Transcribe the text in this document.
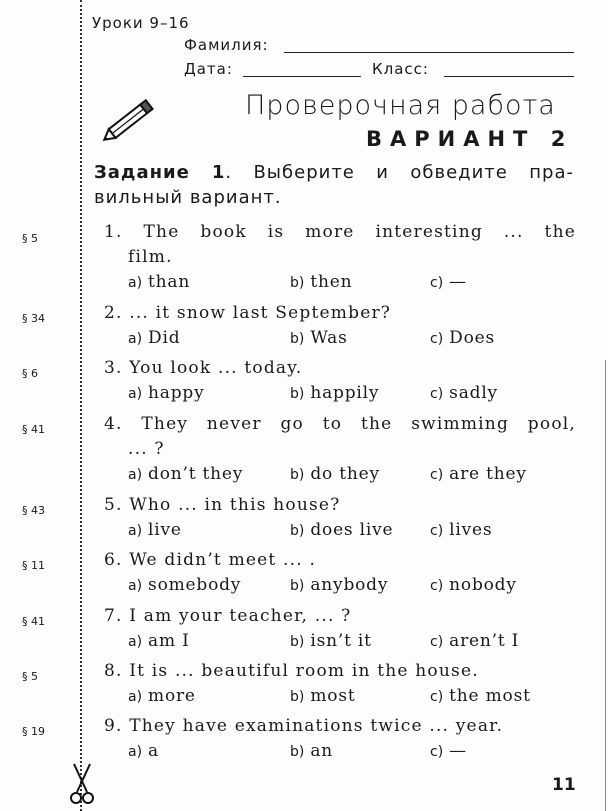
Уроки 9–16
Фамилия:
Дата:	Класс:
Проверочная работа
ВАРИАНТ 2
Задание 1. Выберите и обведите пра-
вильный вариант.
§ 5	1. The book is more interesting ... the
film.
a) than	b) then	c) —
§ 34	2. ... it snow last September?
a) Did	b) Was	c) Does
§ 6	3. You look ... today.
a) happy	b) happily	c) sadly
§ 41	4. They never go to the swimming pool,
... ?
a) don’t they	b) do they	c) are they
§ 43	5. Who ... in this house?
a) live	b) does live	c) lives
§ 11	6. We didn’t meet ... .
a) somebody	b) anybody	c) nobody
§ 41	7. I am your teacher, ... ?
a) am I	b) isn’t it	c) aren’t I
§ 5	8. It is ... beautiful room in the house.
a) more	b) most	c) the most
§ 19	9. They have examinations twice ... year.
a) a	b) an	c) —
11
